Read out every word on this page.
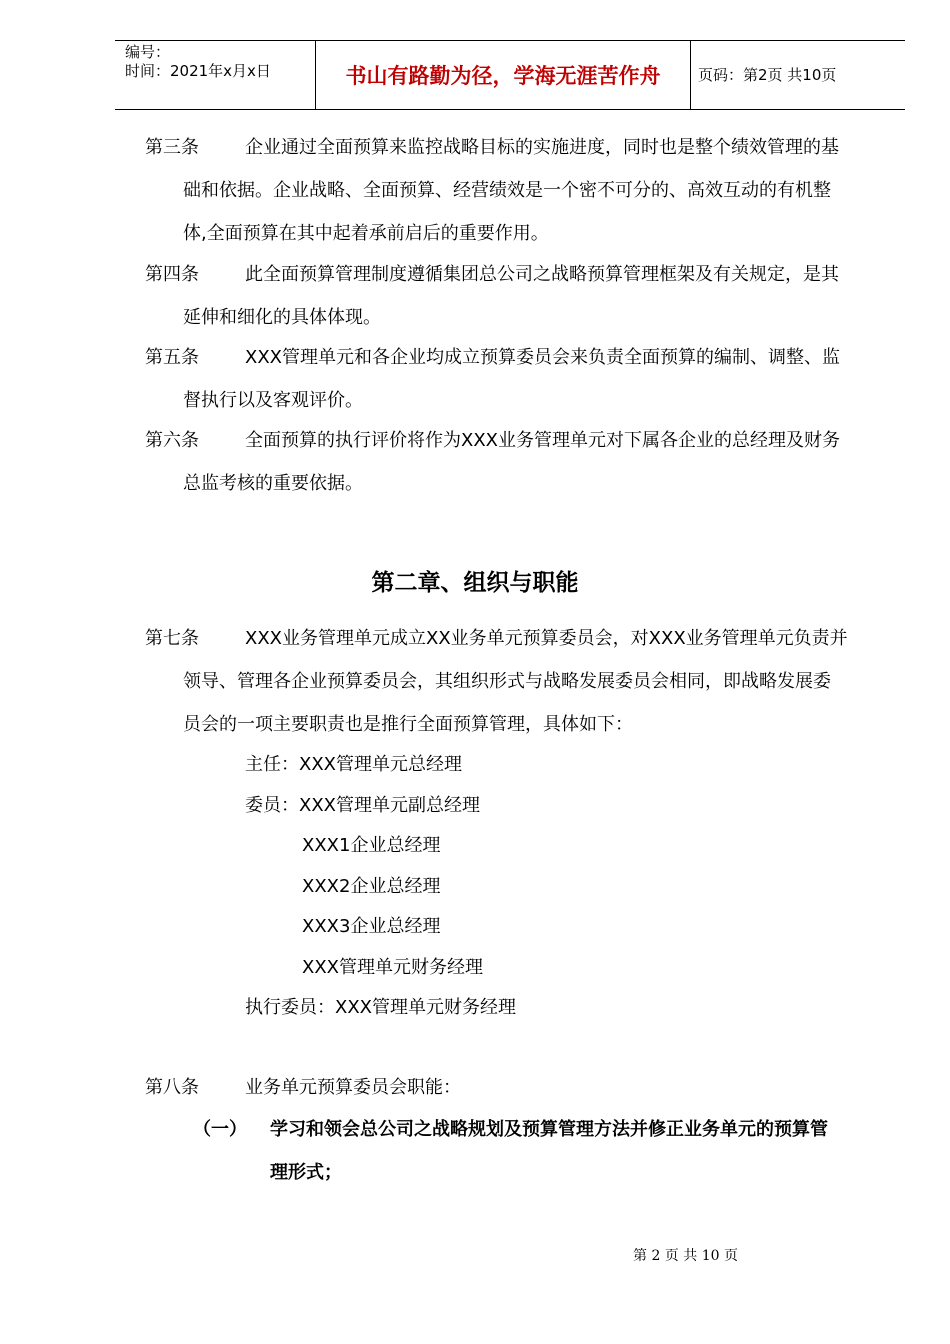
编号：
时间：2021年x月x日	书山有路勤为径，学海无涯苦作舟	页码：第2页 共10页
第三条	企业通过全面预算来监控战略目标的实施进度，同时也是整个绩效管理的基
础和依据。企业战略、全面预算、经营绩效是一个密不可分的、高效互动的有机整
体,全面预算在其中起着承前启后的重要作用。
第四条	此全面预算管理制度遵循集团总公司之战略预算管理框架及有关规定，是其
延伸和细化的具体体现。
第五条	XXX管理单元和各企业均成立预算委员会来负责全面预算的编制、调整、监
督执行以及客观评价。
第六条	全面预算的执行评价将作为XXX业务管理单元对下属各企业的总经理及财务
总监考核的重要依据。
第二章、组织与职能
第七条	XXX业务管理单元成立XX业务单元预算委员会，对XXX业务管理单元负责并
领导、管理各企业预算委员会，其组织形式与战略发展委员会相同，即战略发展委
员会的一项主要职责也是推行全面预算管理，具体如下：
主任：XXX管理单元总经理
委员：XXX管理单元副总经理
XXX1企业总经理
XXX2企业总经理
XXX3企业总经理
XXX管理单元财务经理
执行委员：XXX管理单元财务经理
第八条	业务单元预算委员会职能：
（一） 学习和领会总公司之战略规划及预算管理方法并修正业务单元的预算管
理形式；
第 2 页 共 10 页
